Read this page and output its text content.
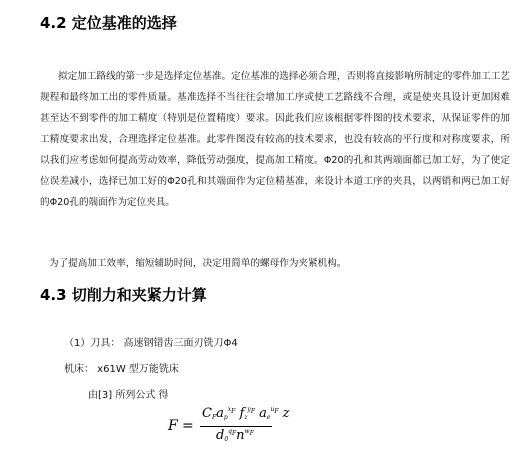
4.2 定位基准的选择
拟定加工路线的第一步是选择定位基准。定位基准的选择必须合理，否则将直接影响所制定的零件加工工艺规程和最终加工出的零件质量。基准选择不当往往会增加工序或使工艺路线不合理，或是使夹具设计更加困难甚至达不到零件的加工精度（特别是位置精度）要求。因此我们应该根据零件图的技术要求，从保证零件的加工精度要求出发，合理选择定位基准。此零件图没有较高的技术要求，也没有较高的平行度和对称度要求，所以我们应考虑如何提高劳动效率，降低劳动强度，提高加工精度。Φ20的孔和其两端面都已加工好，为了使定位误差减小，选择已加工好的Φ20孔和其端面作为定位精基准，来设计本道工序的夹具，以两销和两已加工好的Φ20孔的端面作为定位夹具。
为了提高加工效率，缩短辅助时间，决定用简单的螺母作为夹紧机构。
4.3 切削力和夹紧力计算
（1）刀具： 高速钢错齿三面刃铣刀Φ4
机床： x61W 型万能铣床
由[3] 所列公式 得
F =
$C_Fa_p^{x_F}$ $f_z^{y_F}$ $a_e^{u_F}$ z
$d_0^{q_F}n^{w_F}$
